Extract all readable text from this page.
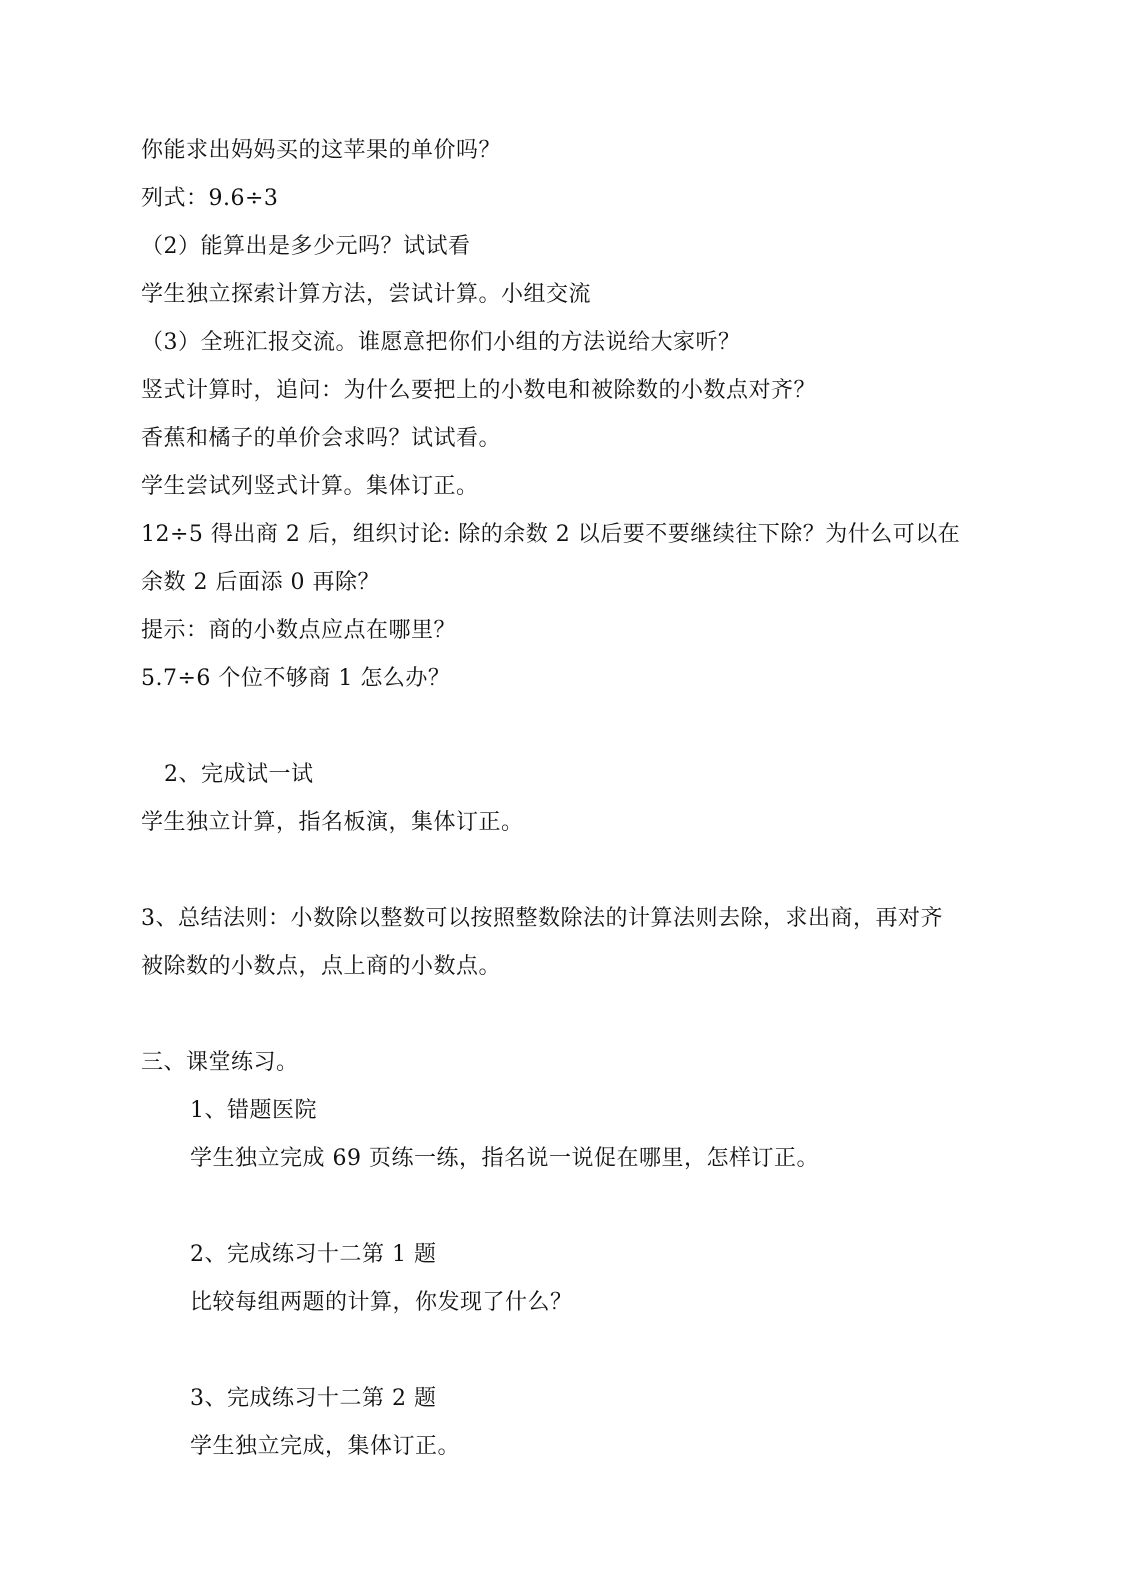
你能求出妈妈买的这苹果的单价吗？
列式：9.6÷3
（2）能算出是多少元吗？试试看
学生独立探索计算方法，尝试计算。小组交流
（3）全班汇报交流。谁愿意把你们小组的方法说给大家听？
竖式计算时，追问：为什么要把上的小数电和被除数的小数点对齐？
香蕉和橘子的单价会求吗？试试看。
学生尝试列竖式计算。集体订正。
12÷5 得出商 2 后，组织讨论: 除的余数 2 以后要不要继续往下除？为什么可以在
余数 2 后面添 0 再除？
提示：商的小数点应点在哪里？
5.7÷6 个位不够商 1 怎么办？
2、完成试一试
学生独立计算，指名板演，集体订正。
3、总结法则：小数除以整数可以按照整数除法的计算法则去除，求出商，再对齐
被除数的小数点，点上商的小数点。
三、课堂练习。
1、错题医院
学生独立完成 69 页练一练，指名说一说促在哪里，怎样订正。
2、完成练习十二第 1 题
比较每组两题的计算，你发现了什么？
3、完成练习十二第 2 题
学生独立完成，集体订正。
